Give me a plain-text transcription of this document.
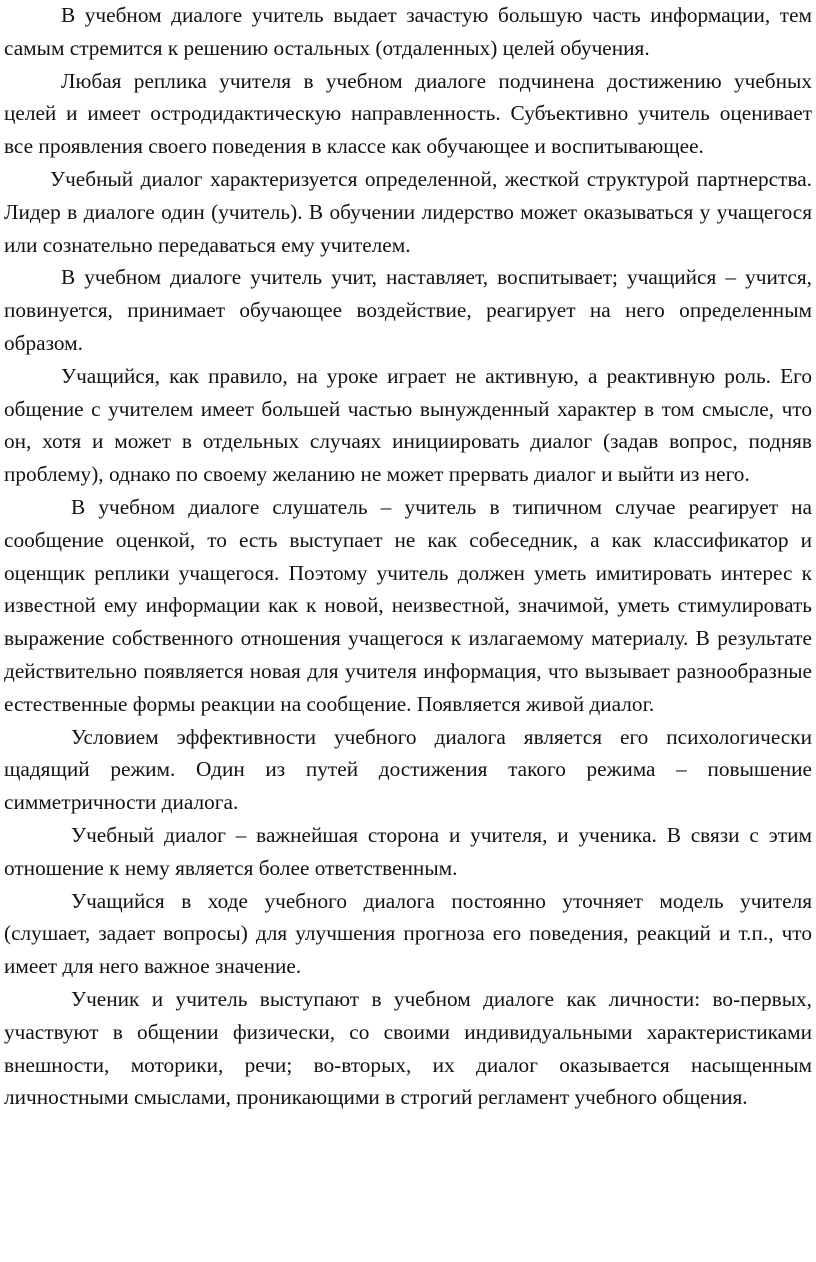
В учебном диалоге учитель выдает зачастую большую часть информации, тем самым стремится к решению остальных (отдаленных) целей обучения.

Любая реплика учителя в учебном диалоге подчинена достижению учебных целей и имеет остродидактическую направленность. Субъективно учитель оценивает все проявления своего поведения в классе как обучающее и воспитывающее.

Учебный диалог характеризуется определенной, жесткой структурой партнерства. Лидер в диалоге один (учитель). В обучении лидерство может оказываться у учащегося или сознательно передаваться ему учителем.

В учебном диалоге учитель учит, наставляет, воспитывает; учащийся – учится, повинуется, принимает обучающее воздействие, реагирует на него определенным образом.

Учащийся, как правило, на уроке играет не активную, а реактивную роль. Его общение с учителем имеет большей частью вынужденный характер в том смысле, что он, хотя и может в отдельных случаях инициировать диалог (задав вопрос, подняв проблему), однако по своему желанию не может прервать диалог и выйти из него.

В учебном диалоге слушатель – учитель в типичном случае реагирует на сообщение оценкой, то есть выступает не как собеседник, а как классификатор и оценщик реплики учащегося. Поэтому учитель должен уметь имитировать интерес к известной ему информации как к новой, неизвестной, значимой, уметь стимулировать выражение собственного отношения учащегося к излагаемому материалу. В результате действительно появляется новая для учителя информация, что вызывает разнообразные естественные формы реакции на сообщение. Появляется живой диалог.

Условием эффективности учебного диалога является его психологически щадящий режим. Один из путей достижения такого режима – повышение симметричности диалога.

Учебный диалог – важнейшая сторона и учителя, и ученика. В связи с этим отношение к нему является более ответственным.

Учащийся в ходе учебного диалога постоянно уточняет модель учителя (слушает, задает вопросы) для улучшения прогноза его поведения, реакций и т.п., что имеет для него важное значение.

Ученик и учитель выступают в учебном диалоге как личности: во-первых, участвуют в общении физически, со своими индивидуальными характеристиками внешности, моторики, речи; во-вторых, их диалог оказывается насыщенным личностными смыслами, проникающими в строгий регламент учебного общения.
